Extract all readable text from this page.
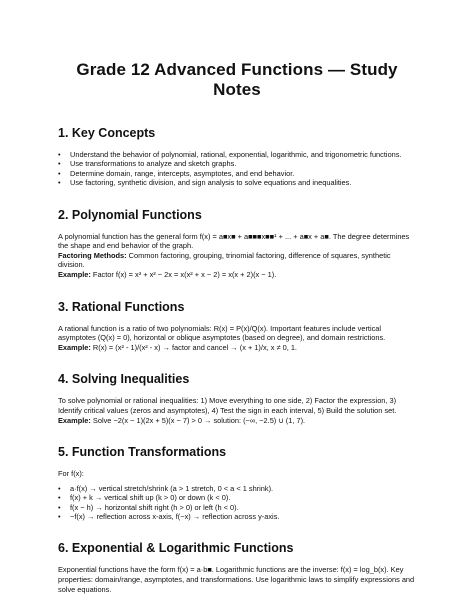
Grade 12 Advanced Functions — Study Notes
1. Key Concepts
• Understand the behavior of polynomial, rational, exponential, logarithmic, and trigonometric functions.
• Use transformations to analyze and sketch graphs.
• Determine domain, range, intercepts, asymptotes, and end behavior.
• Use factoring, synthetic division, and sign analysis to solve equations and inequalities.
2. Polynomial Functions

A polynomial function has the general form f(x) = a■x■ + a■■■x■■¹ + ... + a■x + a■. The degree determines the shape and end behavior of the graph.

Factoring Methods: Common factoring, grouping, trinomial factoring, difference of squares, synthetic division.

Example: Factor f(x) = x³ + x² − 2x = x(x² + x − 2) = x(x + 2)(x − 1).

3. Rational Functions

A rational function is a ratio of two polynomials: R(x) = P(x)/Q(x). Important features include vertical asymptotes (Q(x) = 0), horizontal or oblique asymptotes (based on degree), and domain restrictions.

Example: R(x) = (x² - 1)/(x² - x) → factor and cancel → (x + 1)/x, x ≠ 0, 1.

4. Solving Inequalities

To solve polynomial or rational inequalities: 1) Move everything to one side, 2) Factor the expression, 3) Identify critical values (zeros and asymptotes), 4) Test the sign in each interval, 5) Build the solution set.

Example: Solve −2(x − 1)(2x + 5)(x − 7) > 0 → solution: (−∞, −2.5) ∪ (1, 7).

5. Function Transformations

For f(x):

• a·f(x) → vertical stretch/shrink (a > 1 stretch, 0 < a < 1 shrink).
• f(x) + k → vertical shift up (k > 0) or down (k < 0).
• f(x − h) → horizontal shift right (h > 0) or left (h < 0).
• −f(x) → reflection across x-axis, f(−x) → reflection across y-axis.
6. Exponential & Logarithmic Functions

Exponential functions have the form f(x) = a·b■. Logarithmic functions are the inverse: f(x) = log_b(x). Key properties: domain/range, asymptotes, and transformations. Use logarithmic laws to simplify expressions and solve equations.
